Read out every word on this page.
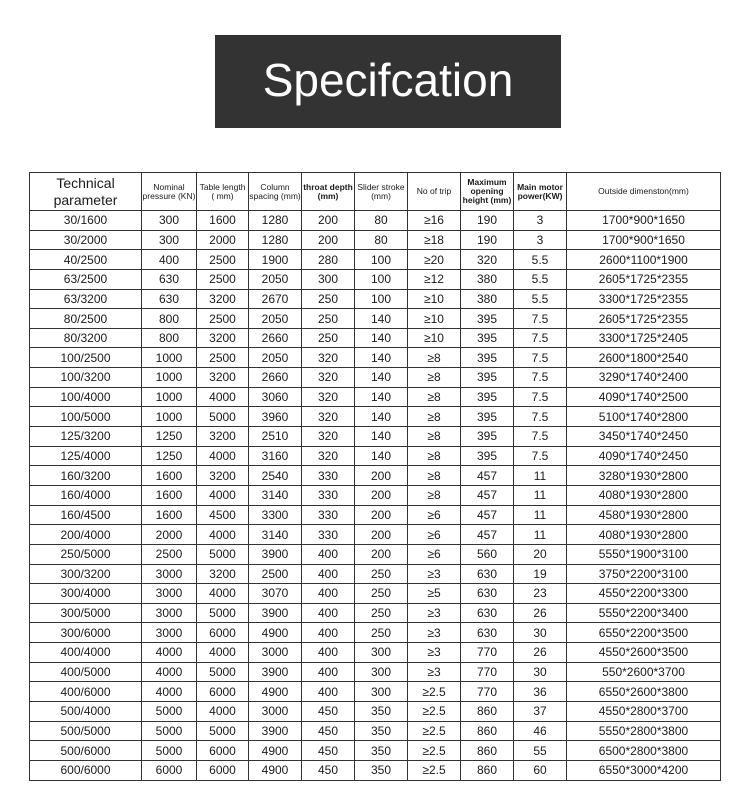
Specifcation
Technical parameter	Nominal pressure (KN)	Table length ( mm)	Column spacing (mm)	throat depth (mm)	Slider stroke (mm)	No of trip	Maximum opening height (mm)	Main motor power(KW)	Outside dimenston(mm)
30/1600	300	1600	1280	200	80	≥16	190	3	1700*900*1650
30/2000	300	2000	1280	200	80	≥18	190	3	1700*900*1650
40/2500	400	2500	1900	280	100	≥20	320	5.5	2600*1100*1900
63/2500	630	2500	2050	300	100	≥12	380	5.5	2605*1725*2355
63/3200	630	3200	2670	250	100	≥10	380	5.5	3300*1725*2355
80/2500	800	2500	2050	250	140	≥10	395	7.5	2605*1725*2355
80/3200	800	3200	2660	250	140	≥10	395	7.5	3300*1725*2405
100/2500	1000	2500	2050	320	140	≥8	395	7.5	2600*1800*2540
100/3200	1000	3200	2660	320	140	≥8	395	7.5	3290*1740*2400
100/4000	1000	4000	3060	320	140	≥8	395	7.5	4090*1740*2500
100/5000	1000	5000	3960	320	140	≥8	395	7.5	5100*1740*2800
125/3200	1250	3200	2510	320	140	≥8	395	7.5	3450*1740*2450
125/4000	1250	4000	3160	320	140	≥8	395	7.5	4090*1740*2450
160/3200	1600	3200	2540	330	200	≥8	457	11	3280*1930*2800
160/4000	1600	4000	3140	330	200	≥8	457	11	4080*1930*2800
160/4500	1600	4500	3300	330	200	≥6	457	11	4580*1930*2800
200/4000	2000	4000	3140	330	200	≥6	457	11	4080*1930*2800
250/5000	2500	5000	3900	400	200	≥6	560	20	5550*1900*3100
300/3200	3000	3200	2500	400	250	≥3	630	19	3750*2200*3100
300/4000	3000	4000	3070	400	250	≥5	630	23	4550*2200*3300
300/5000	3000	5000	3900	400	250	≥3	630	26	5550*2200*3400
300/6000	3000	6000	4900	400	250	≥3	630	30	6550*2200*3500
400/4000	4000	4000	3000	400	300	≥3	770	26	4550*2600*3500
400/5000	4000	5000	3900	400	300	≥3	770	30	550*2600*3700
400/6000	4000	6000	4900	400	300	≥2.5	770	36	6550*2600*3800
500/4000	5000	4000	3000	450	350	≥2.5	860	37	4550*2800*3700
500/5000	5000	5000	3900	450	350	≥2.5	860	46	5550*2800*3800
500/6000	5000	6000	4900	450	350	≥2.5	860	55	6500*2800*3800
600/6000	6000	6000	4900	450	350	≥2.5	860	60	6550*3000*4200
